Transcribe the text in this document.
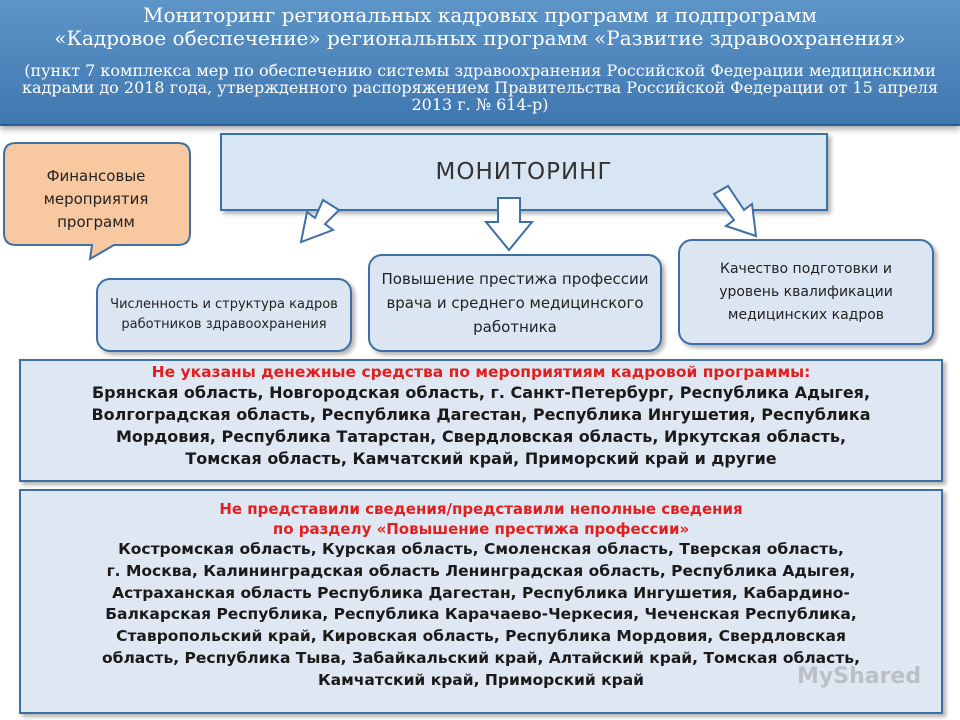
Мониторинг региональных кадровых программ и подпрограмм
«Кадровое обеспечение» региональных программ «Развитие здравоохранения»
(пункт 7 комплекса мер по обеспечению системы здравоохранения Российской Федерации медицинскими кадрами до 2018 года, утвержденного распоряжением Правительства Российской Федерации от 15 апреля 2013 г. № 614-р)
Финансовые мероприятия программ
МОНИТОРИНГ
Численность и структура кадров работников здравоохранения
Повышение престижа профессии врача и среднего медицинского работника
Качество подготовки и уровень квалификации медицинских кадров
Не указаны денежные средства по мероприятиям кадровой программы:
Брянская область, Новгородская область, г. Санкт-Петербург, Республика Адыгея,
Волгоградская область, Республика Дагестан, Республика Ингушетия, Республика
Мордовия, Республика Татарстан, Свердловская область, Иркутская область,
Томская область, Камчатский край, Приморский край и другие
Не представили сведения/представили неполные сведения
по разделу «Повышение престижа профессии»
Костромская область, Курская область, Смоленская область, Тверская область,
г. Москва, Калининградская область Ленинградская область, Республика Адыгея,
Астраханская область Республика Дагестан, Республика Ингушетия, Кабардино-
Балкарская Республика, Республика Карачаево-Черкесия, Чеченская Республика,
Ставропольский край, Кировская область, Республика Мордовия, Свердловская
область, Республика Тыва, Забайкальский край, Алтайский край, Томская область,
Камчатский край, Приморский край	MyShared
